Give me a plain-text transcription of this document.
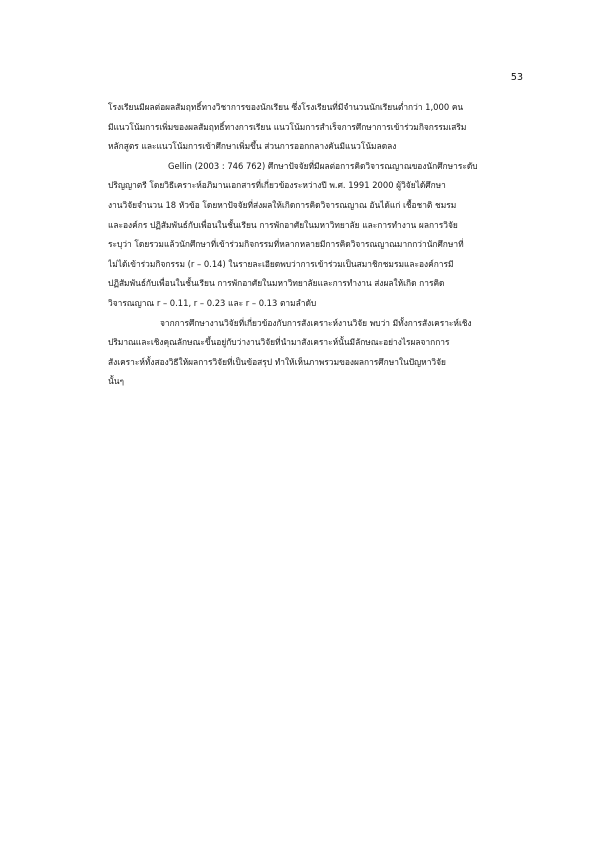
53
โรงเรียนมีผลต่อผลสัมฤทธิ์ทางวิชาการของนักเรียน ซึ่งโรงเรียนที่มีจำนวนนักเรียนต่ำกว่า 1,000 คน
มีแนวโน้มการเพิ่มของผลสัมฤทธิ์ทางการเรียน แนวโน้มการสำเร็จการศึกษาการเข้าร่วมกิจกรรมเสริม
หลักสูตร และแนวโน้มการเข้าศึกษาเพิ่มขึ้น ส่วนการออกกลางคันมีแนวโน้มลดลง
Gellin (2003 : 746 762) ศึกษาปัจจัยที่มีผลต่อการคิดวิจารณญาณของนักศึกษาระดับ
ปริญญาตรี โดยวิธีเคราะห์อภิมานเอกสารที่เกี่ยวข้องระหว่างปี พ.ศ. 1991 2000 ผู้วิจัยได้ศึกษา
งานวิจัยจำนวน 18 หัวข้อ โดยหาปัจจัยที่ส่งผลให้เกิดการคิดวิจารณญาณ อันได้แก่ เชื้อชาติ ชมรม
และองค์กร ปฏิสัมพันธ์กับเพื่อนในชั้นเรียน การพักอาศัยในมหาวิทยาลัย และการทำงาน ผลการวิจัย
ระบุว่า โดยรวมแล้วนักศึกษาที่เข้าร่วมกิจกรรมที่หลากหลายมีการคิดวิจารณญาณมากกว่านักศึกษาที่
ไม่ได้เข้าร่วมกิจกรรม (r – 0.14) ในรายละเอียดพบว่าการเข้าร่วมเป็นสมาชิกชมรมและองค์การมี
ปฏิสัมพันธ์กับเพื่อนในชั้นเรียน การพักอาศัยในมหาวิทยาลัยและการทำงาน ส่งผลให้เกิด การคิด
วิจารณญาณ r – 0.11, r – 0.23 และ r – 0.13 ตามลำดับ
จากการศึกษางานวิจัยที่เกี่ยวข้องกับการสังเคราะห์งานวิจัย พบว่า มีทั้งการสังเคราะห์เชิง
ปริมาณและเชิงคุณลักษณะขึ้นอยู่กับว่างานวิจัยที่นำมาสังเคราะห์นั้นมีลักษณะอย่างไรผลจากการ
สังเคราะห์ทั้งสองวิธีให้ผลการวิจัยที่เป็นข้อสรุป ทำให้เห็นภาพรวมของผลการศึกษาในปัญหาวิจัย
นั้นๆ
